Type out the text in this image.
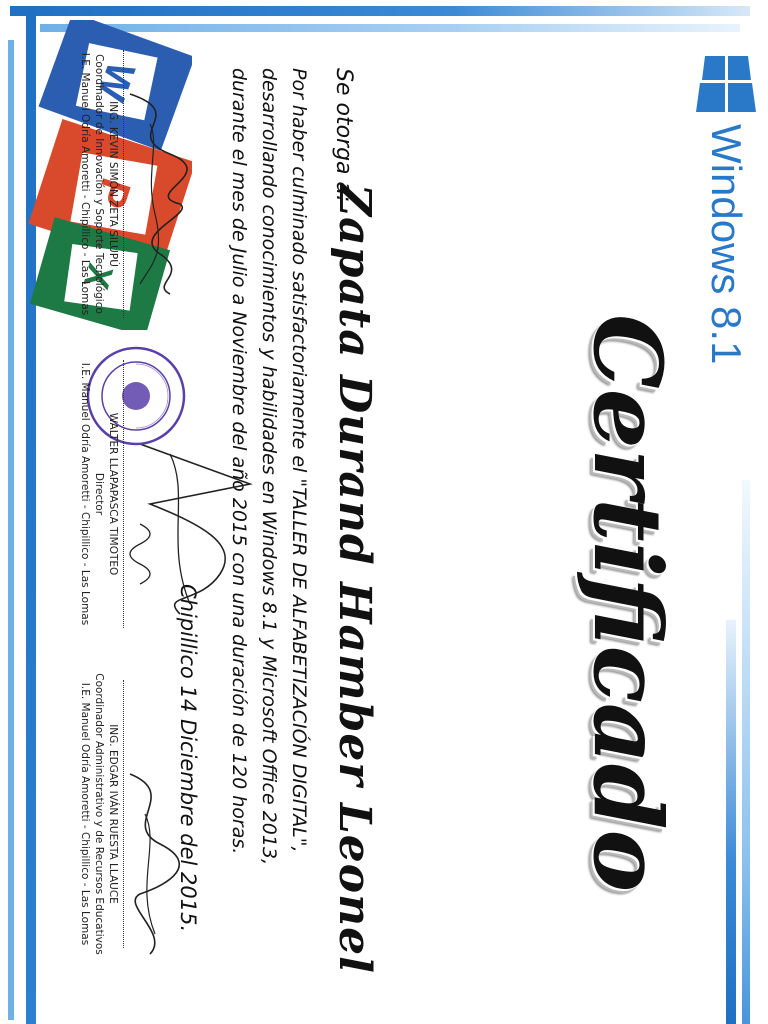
W
P
X	Windows 8.1
Certificado
Se otorga a:
Zapata Durand Hamber Leonel
Por haber culminado satisfactoriamente el "TALLER DE ALFABETIZACIÓN DIGITAL",
desarrollando conocimientos y habilidades en Windows 8.1 y Microsoft Office 2013,
durante el mes de Julio a Noviembre del año 2015 con una duración de 120 horas.
Chipillico 14 Diciembre del 2015.
ING. KEVIN SIMÓN ZETA SILUPÚ
Coordinador de Innovación y Soporte Tecnológico
I.E. Manuel Odría Amoretti - Chipillico - Las Lomas
WALTER LLAPAPASCA TIMOTEO
Director
I.E. Manuel Odría Amoretti - Chipillico - Las Lomas
ING. EDGAR IVÁN RUESTA LLAUCE
Coordinador Administrativo y de Recursos Educativos
I.E. Manuel Odría Amoretti - Chipillico - Las Lomas
